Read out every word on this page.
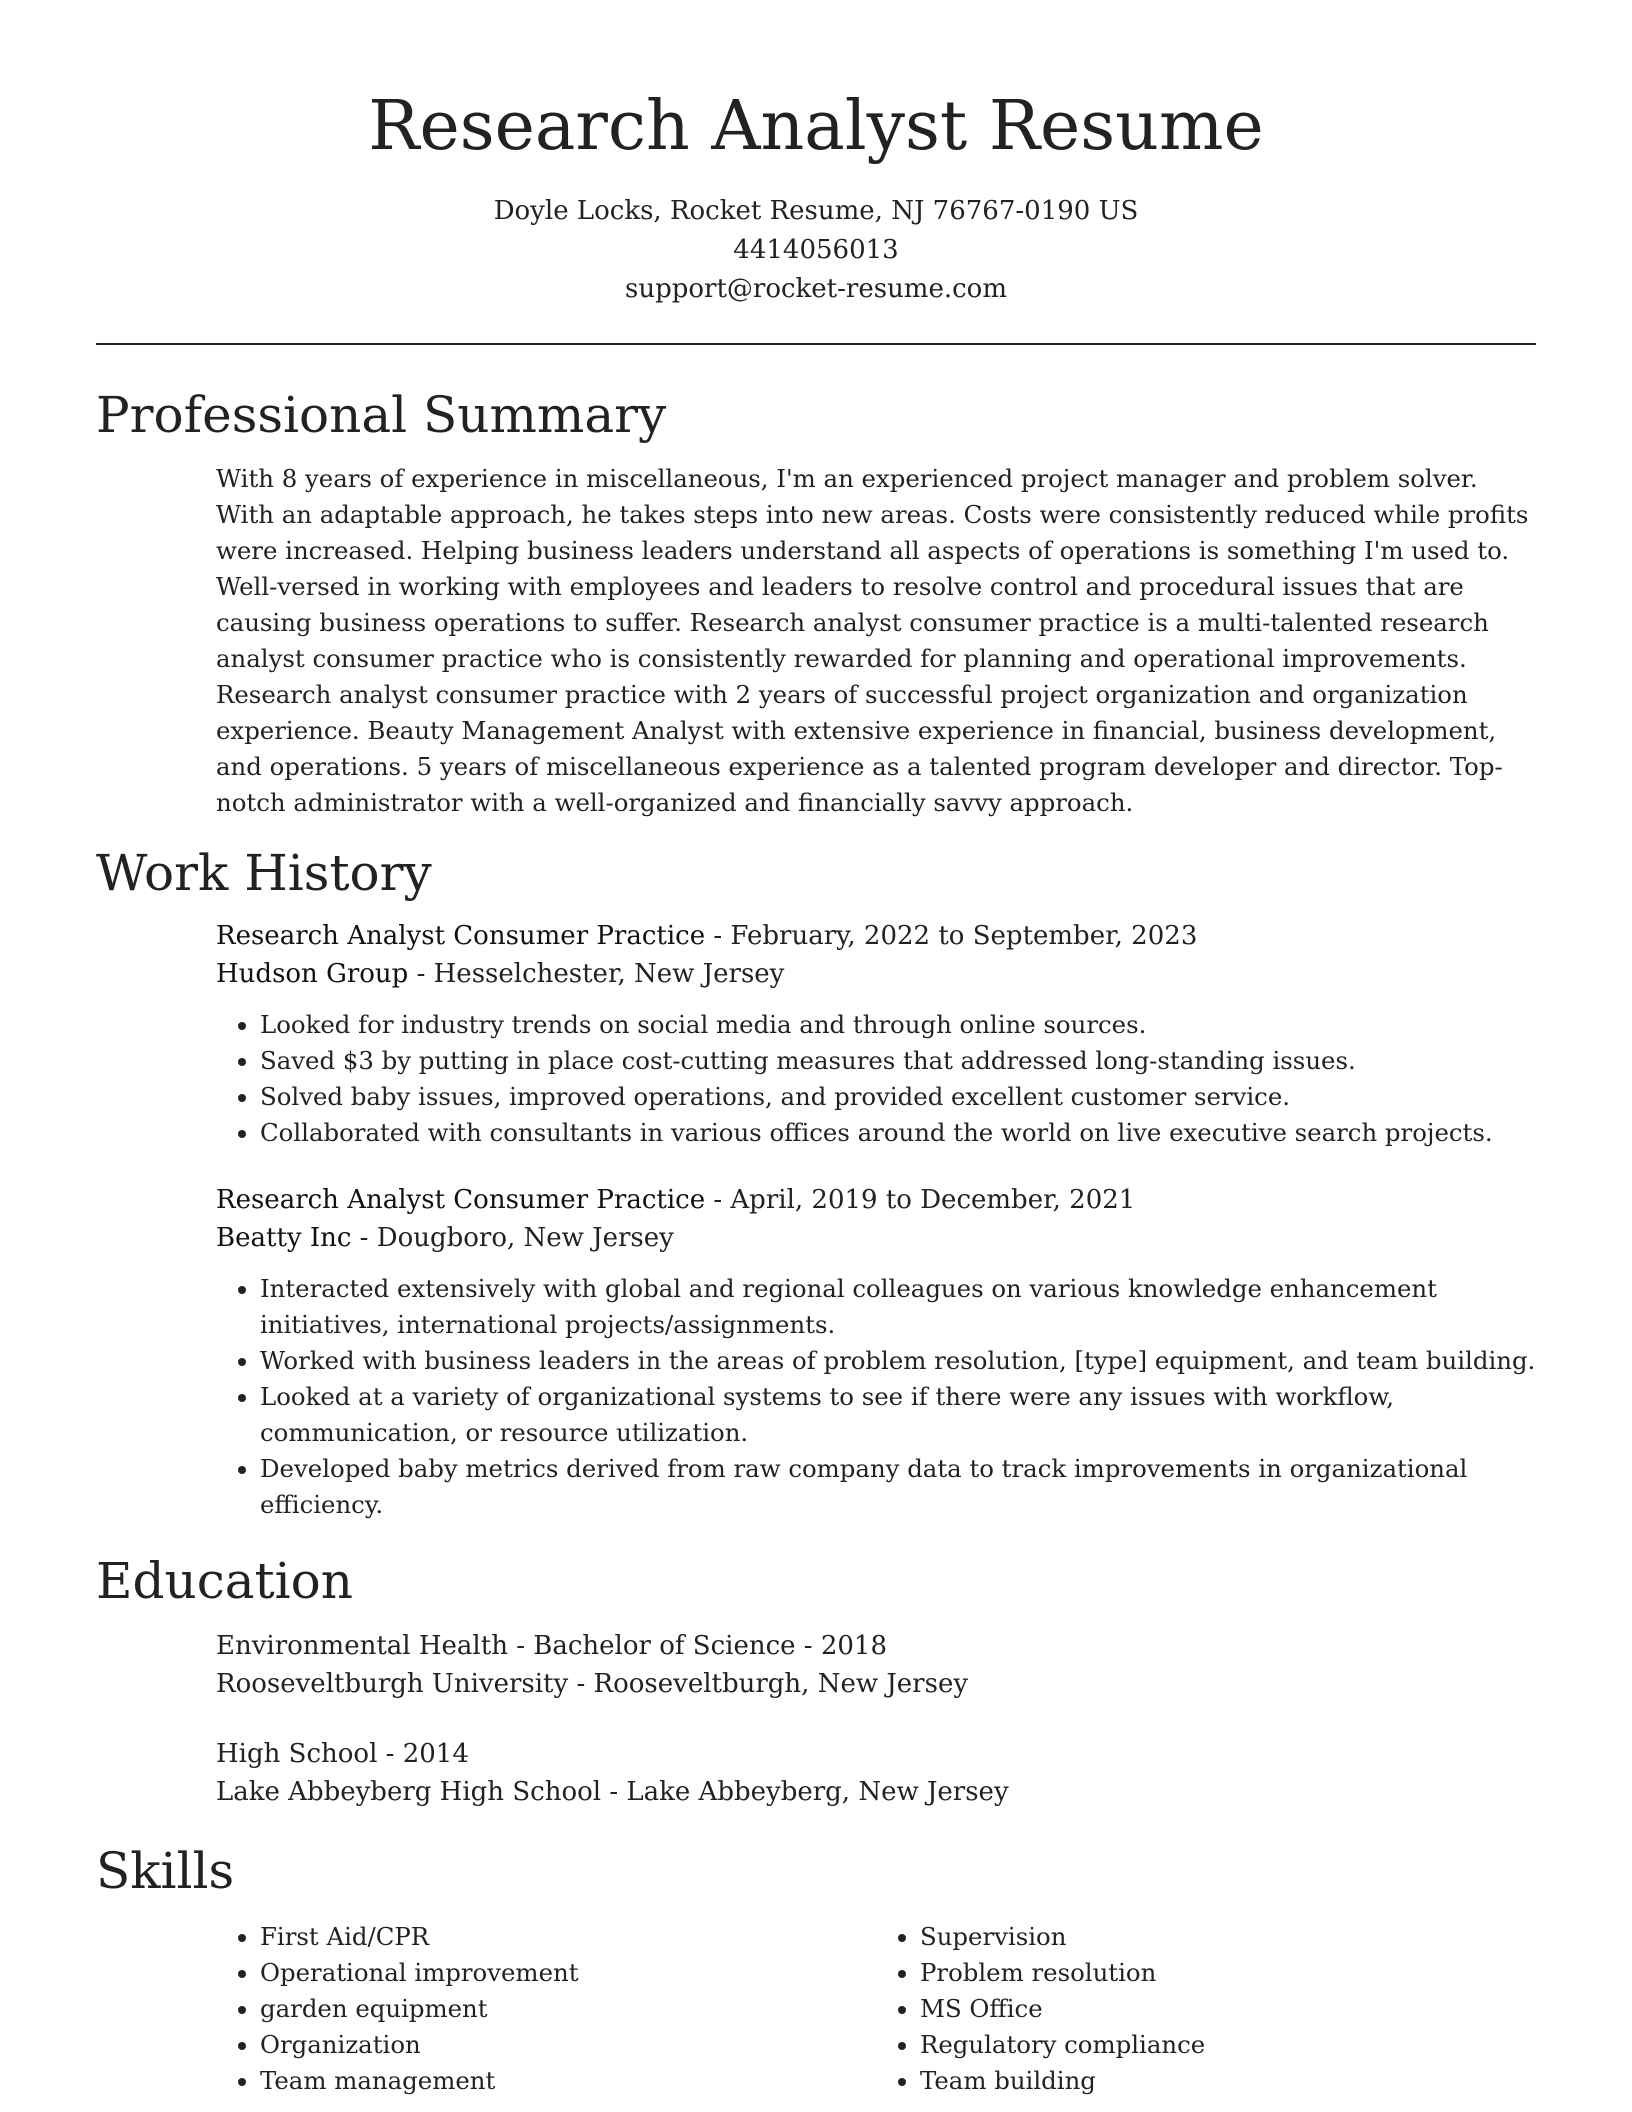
Research Analyst Resume
Doyle Locks, Rocket Resume, NJ 76767-0190 US
4414056013
support@rocket-resume.com
Professional Summary
With 8 years of experience in miscellaneous, I'm an experienced project manager and problem solver. With an adaptable approach, he takes steps into new areas. Costs were consistently reduced while profits were increased. Helping business leaders understand all aspects of operations is something I'm used to. Well-versed in working with employees and leaders to resolve control and procedural issues that are causing business operations to suffer. Research analyst consumer practice is a multi-talented research analyst consumer practice who is consistently rewarded for planning and operational improvements. Research analyst consumer practice with 2 years of successful project organization and organization experience. Beauty Management Analyst with extensive experience in financial, business development, and operations. 5 years of miscellaneous experience as a talented program developer and director. Top-notch administrator with a well-organized and financially savvy approach.
Work History
Research Analyst Consumer Practice - February, 2022 to September, 2023
Hudson Group - Hesselchester, New Jersey
• Looked for industry trends on social media and through online sources.
• Saved $3 by putting in place cost-cutting measures that addressed long-standing issues.
• Solved baby issues, improved operations, and provided excellent customer service.
• Collaborated with consultants in various offices around the world on live executive search projects.
Research Analyst Consumer Practice - April, 2019 to December, 2021
Beatty Inc - Dougboro, New Jersey
• Interacted extensively with global and regional colleagues on various knowledge enhancement initiatives, international projects/assignments.
• Worked with business leaders in the areas of problem resolution, [type] equipment, and team building.
• Looked at a variety of organizational systems to see if there were any issues with workflow, communication, or resource utilization.
• Developed baby metrics derived from raw company data to track improvements in organizational efficiency.
Education
Environmental Health - Bachelor of Science - 2018
Rooseveltburgh University - Rooseveltburgh, New Jersey
High School - 2014
Lake Abbeyberg High School - Lake Abbeyberg, New Jersey
Skills
• First Aid/CPR
• Operational improvement
• garden equipment
• Organization
• Team management
• Supervision
• Problem resolution
• MS Office
• Regulatory compliance
• Team building
